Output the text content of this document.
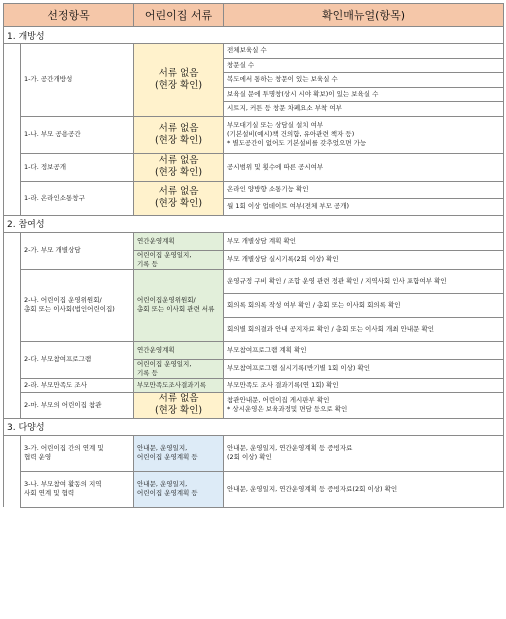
선정항목		어린이집 서류	확인매뉴얼(항목)
1. 개방성			
	1-가. 공간개방성	서류 없음
(현장 확인)	전체보육실 수
			창문실 수
			복도에서 통하는 창문이 있는 보육실 수
			보육실 문에 투명창(상시 시야 확보)이 있는 보육실 수
			시트지, 커튼 등 창문 차폐요소 부착 여부
	1-나. 부모 공용공간	서류 없음
(현장 확인)	부모대기실 또는 상담실 설치 여부
(기본설비(예시)책 건의함, 유아관련 책자 등)
* 별도공간이 없어도 기본설비를 갖추었으면 가능
	1-다. 정보공개	서류 없음
(현장 확인)	공시범위 및 횟수에 따른 공시여부
	1-라. 온라인소통창구	서류 없음
(현장 확인)	온라인 양방향 소통기능 확인
			월 1회 이상 업데이트 여부(전체 부모 공개)
2. 참여성			
	2-가. 부모 개별상담	연간운영계획	부모 개별상담 계획 확인
		어린이집 운영일지,
기록 등	부모 개별상담 실시기록(2회 이상) 확인
	2-나. 어린이집 운영위원회/
총회 또는 이사회(법인어린이집)	어린이집운영위원회/
총회 또는 이사회 관련 서류	운영규정 구비 확인 / 조합 운영 관련 정관 확인 / 지역사회 인사 포함여부 확인
			회의록 회의록 작성 여부 확인 / 총회 또는 이사회 회의록 확인
			회의별 회의결과 안내 공지자료 확인 / 총회 또는 이사회 개최 안내문 확인
	2-다. 부모참여프로그램	연간운영계획	부모참여프로그램 계획 확인
		어린이집 운영일지,
기록 등	부모참여프로그램 실시기록(반기별 1회 이상) 확인
	2-라. 부모만족도 조사	부모만족도조사결과기록	부모만족도 조사 결과기록(연 1회) 확인
	2-마. 부모의 어린이집 참관	서류 없음
(현장 확인)	참관안내문, 어린이집 게시판부 확인
* 상시운영은 보육과정및 면담 등으로 확인
3. 다양성			
	3-가. 어린이집 간의 연계 및
협력 운영	안내문, 운영일지,
어린이집 운영계획 등	안내문, 운영일지, 연간운영계획 등 증빙자료
(2회 이상) 확인
	3-나. 부모참여 활동의 지역
사회 연계 및 협력	안내문, 운영일지,
어린이집 운영계획 등	안내문, 운영일지, 연간운영계획 등 증빙자료(2회 이상) 확인
